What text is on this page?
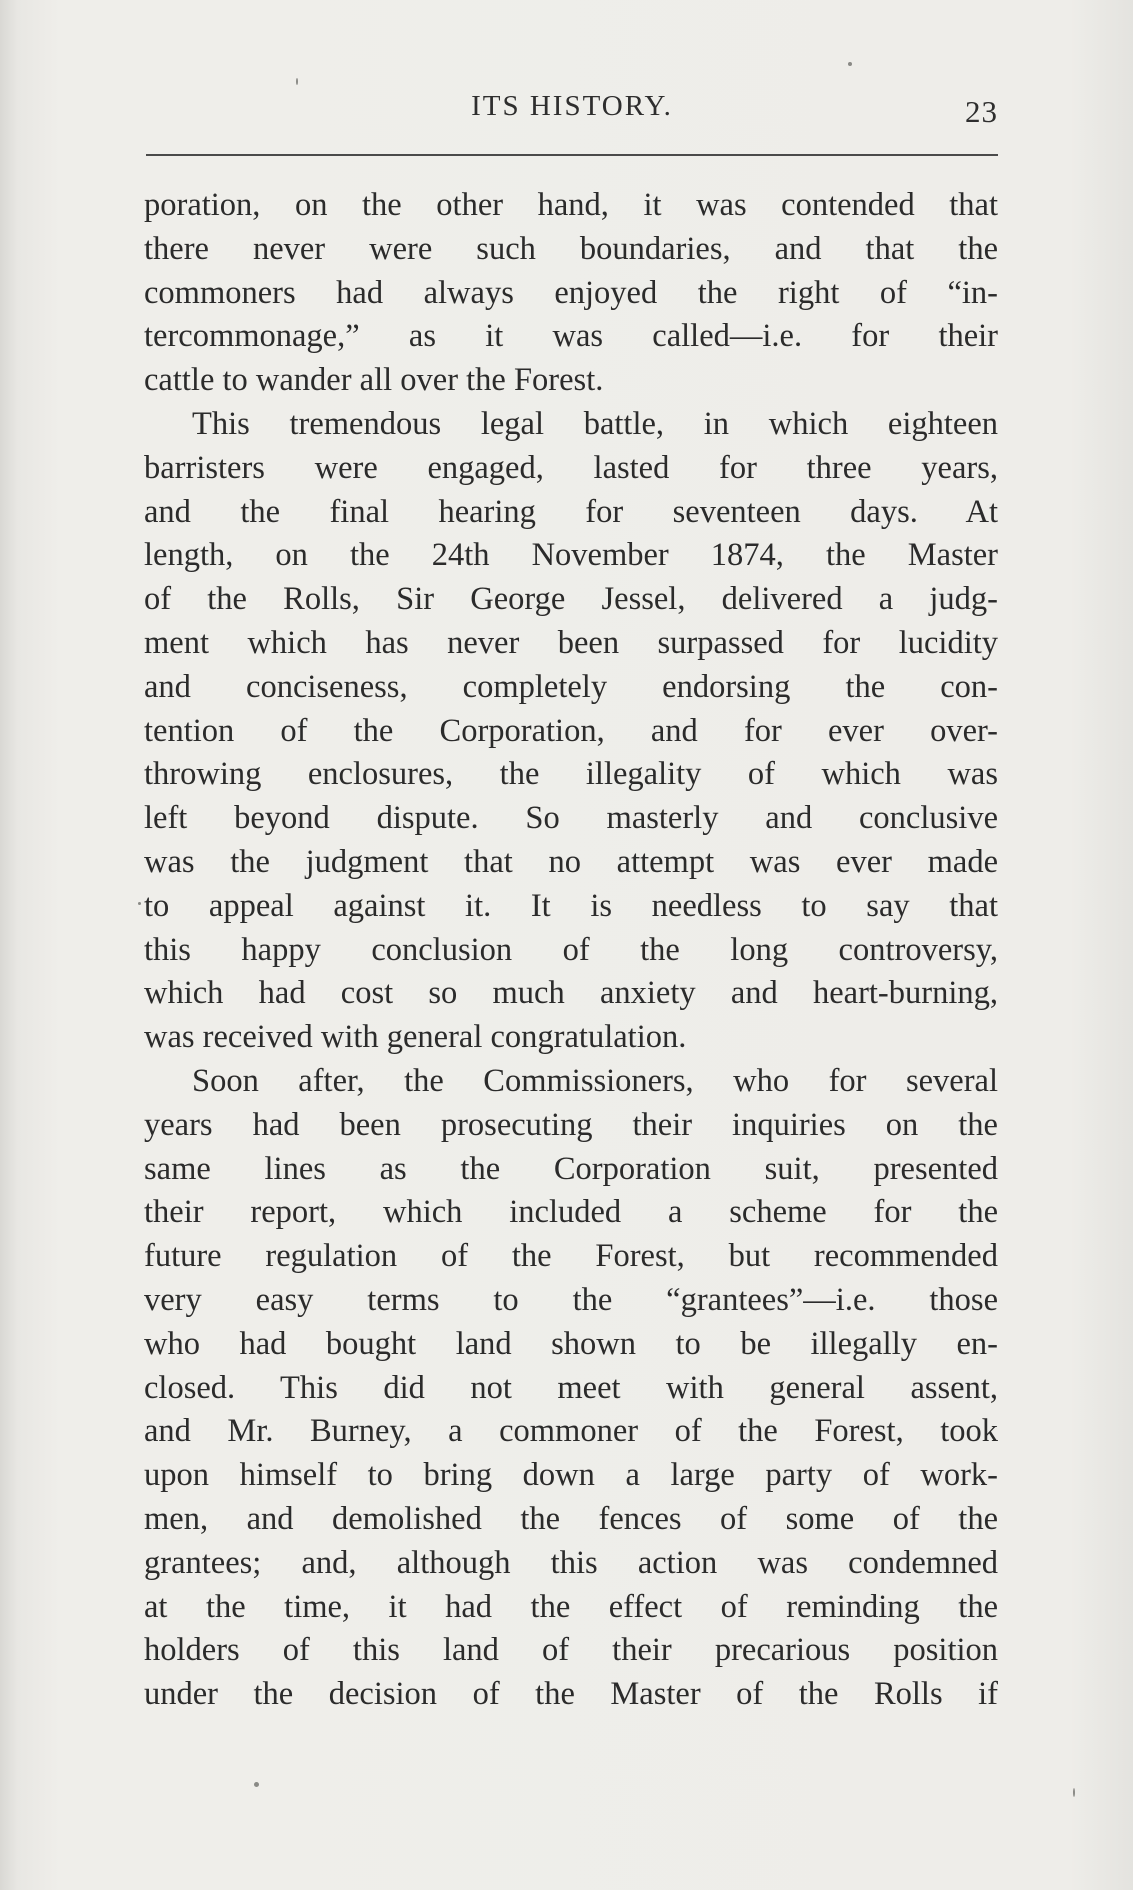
ITS HISTORY.	23
poration, on the other hand, it was contended that
there never were such boundaries, and that the
commoners had always enjoyed the right of “in-
tercommonage,” as it was called—i.e. for their
cattle to wander all over the Forest.
This tremendous legal battle, in which eighteen
barristers were engaged, lasted for three years,
and the final hearing for seventeen days. At
length, on the 24th November 1874, the Master
of the Rolls, Sir George Jessel, delivered a judg-
ment which has never been surpassed for lucidity
and conciseness, completely endorsing the con-
tention of the Corporation, and for ever over-
throwing enclosures, the illegality of which was
left beyond dispute. So masterly and conclusive
was the judgment that no attempt was ever made
to appeal against it. It is needless to say that
this happy conclusion of the long controversy,
which had cost so much anxiety and heart-burning,
was received with general congratulation.
Soon after, the Commissioners, who for several
years had been prosecuting their inquiries on the
same lines as the Corporation suit, presented
their report, which included a scheme for the
future regulation of the Forest, but recommended
very easy terms to the “grantees”—i.e. those
who had bought land shown to be illegally en-
closed. This did not meet with general assent,
and Mr. Burney, a commoner of the Forest, took
upon himself to bring down a large party of work-
men, and demolished the fences of some of the
grantees; and, although this action was condemned
at the time, it had the effect of reminding the
holders of this land of their precarious position
under the decision of the Master of the Rolls if
